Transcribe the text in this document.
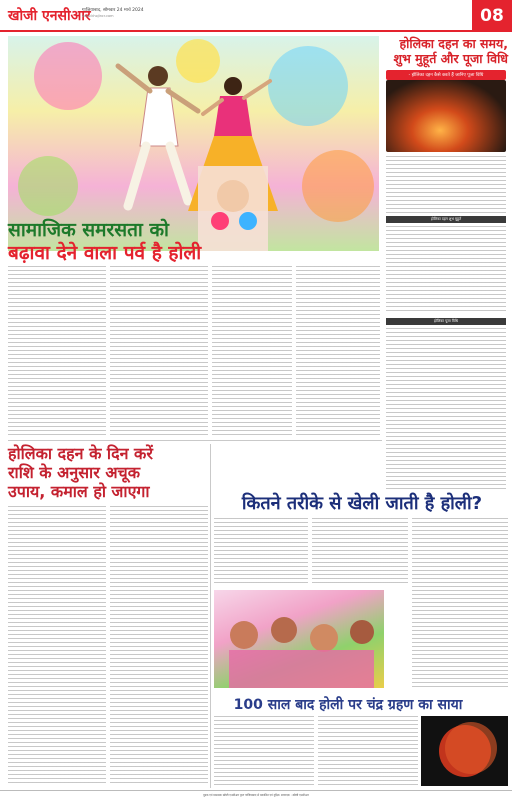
खोजी एनसीआर
गाजियाबाद, सोमवार 24 मार्च 2024
www.khojincr.com	08
सामाजिक समरसता को
बढ़ावा देने वाला पर्व है होली
होलिका दहन का समय,
शुभ मुहूर्त और पूजा विधि
- होलिका दहन कैसे करते हैं जानिए पूजा विधि
होलिका दहन शुभ मुहूर्त
होलिका पूजा विधि
होलिका दहन के दिन करें
राशि के अनुसार अचूक
उपाय, कमाल हो जाएगा
कितने तरीके से खेली जाती है होली?
100 साल बाद होली पर चंद्र ग्रहण का साया
मुद्रक एवं प्रकाशक खोजी एनसीआर द्वारा गाजियाबाद से प्रकाशित एवं मुद्रित। सम्पादक : खोजी एनसीआर
